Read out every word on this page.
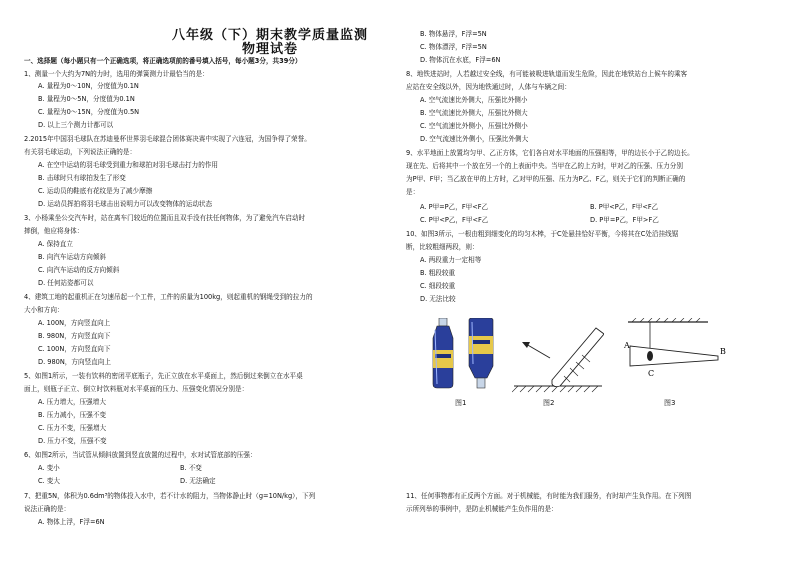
八年级（下）期末教学质量监测
物理试卷
一、选择题（每小题只有一个正确选项，将正确选项前的番号填入括号，每小题3分，共39分）
1、测量一个大约为7N的力时，选用的弹簧测力计最恰当的是：
A. 量程为0～10N，分度值为0.1N
B. 量程为0～5N，分度值为0.1N
C. 量程为0～15N，分度值为0.5N
D. 以上三个测力计都可以
2.2015年中国羽毛球队在苏迪曼杯世界羽毛球混合团体赛决赛中实现了六连冠，为国争得了荣誉。
有关羽毛球运动，下列说法正确的是：
A. 在空中运动的羽毛球受到重力和球拍对羽毛球击打力的作用
B. 击球时只有球拍发生了形变
C. 运动员的鞋底有花纹是为了减少摩擦
D. 运动员挥拍将羽毛球击出说明力可以改变物体的运动状态
3、小杨乘坐公交汽车时，站在离车门较近的位置而且双手没有扶任何物体，为了避免汽车启动时
摔倒，他应将身体：
A. 保持直立
B. 向汽车运动方向倾斜
C. 向汽车运动的反方向倾斜
D. 任何站姿都可以
4、建筑工地的起重机正在匀速吊起一个工件，工件的质量为100kg，则起重机的钢绳受到的拉力的
大小和方向：
A. 100N，方向竖直向上
B. 980N，方向竖直向下
C. 100N，方向竖直向下
D. 980N，方向竖直向上
5、如图1所示，一装有饮料的密闭平底瓶子，先正立放在水平桌面上，然后倒过来倒立在水平桌
面上，则瓶子正立、倒立时饮料瓶对水平桌面的压力、压强变化情况分别是：
A. 压力增大，压强增大
B. 压力减小，压强不变
C. 压力不变，压强增大
D. 压力不变，压强不变
6、如图2所示，当试管从倾斜放置到竖直放置的过程中，水对试管底部的压强：
A. 变小	B. 不变
C. 变大	D. 无法确定
7、把重5N，体积为0.6dm³的物体投入水中，若不计水的阻力，当物体静止时（g=10N/kg），下列
说法正确的是：
A. 物体上浮，F浮=6N
B. 物体悬浮，F浮=5N
C. 物体漂浮，F浮=5N
D. 物体沉在水底，F浮=6N
8、地铁进站时，人若越过安全线，有可能被吸进轨道而发生危险，因此在地铁站台上候车的乘客
应站在安全线以外，因为地铁通过时，人体与车辆之间：
A. 空气流速比外侧大，压强比外侧小
B. 空气流速比外侧大，压强比外侧大
C. 空气流速比外侧小，压强比外侧小
D. 空气流速比外侧小，压强比外侧大
9、水平地面上放置均匀甲、乙正方体，它们各自对水平地面的压强相等，甲的边长小于乙的边长。
现在先、后将其中一个放在另一个的上表面中央。当甲在乙的上方时，甲对乙的压强、压力分别
为P甲、F甲；当乙放在甲的上方时，乙对甲的压强、压力为P乙、F乙，则关于它们的判断正确的
是：
A. P甲=P乙，F甲<F乙	B. P甲<P乙，F甲<F乙
C. P甲<P乙，F甲<F乙	D. P甲=P乙，F甲>F乙
10、如图3所示，一根由粗到细变化的均匀木棒，于C处悬挂恰好平衡，今将其在C处沿挂线锯
断，比较粗细两段，则：
A. 两段重力一定相等
B. 粗段较重
C. 细段较重
D. 无法比较
图1	图2
A
B
C
图3
11、任何事物都有正反两个方面。对于机械能，有时能为我们服务，有时却产生负作用。在下列图
示所列举的事例中，是防止机械能产生负作用的是：
